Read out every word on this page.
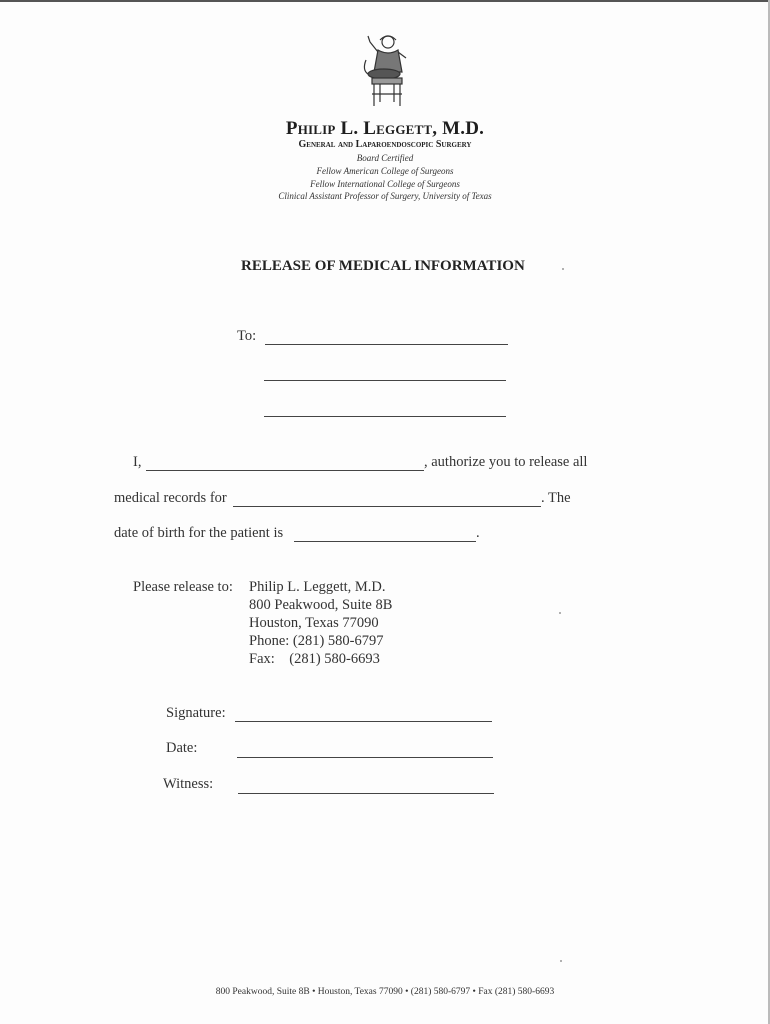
Philip L. Leggett, M.D.
General and Laparoendoscopic Surgery
Board Certified
Fellow American College of Surgeons
Fellow International College of Surgeons
Clinical Assistant Professor of Surgery, University of Texas
RELEASE OF MEDICAL INFORMATION
To:
I,	, authorize you to release all
medical records for	. The
date of birth for the patient is	.
Please release to: Philip L. Leggett, M.D.
800 Peakwood, Suite 8B
Houston, Texas 77090
Phone: (281) 580-6797
Fax:    (281) 580-6693
Signature:
Date:
Witness:
800 Peakwood, Suite 8B • Houston, Texas 77090 • (281) 580-6797 • Fax (281) 580-6693
